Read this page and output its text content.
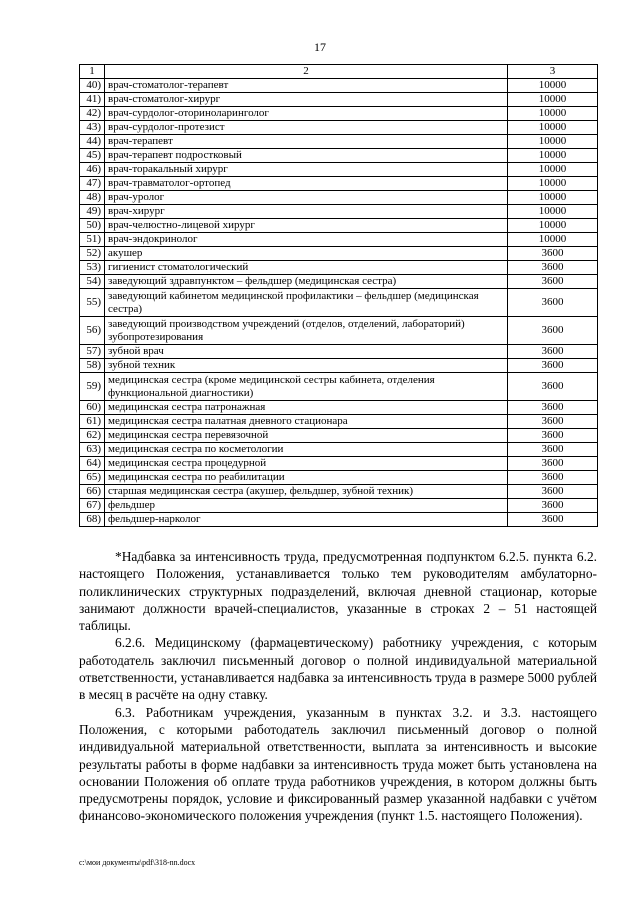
17
1	2	3
40)	врач-стоматолог-терапевт	10000
41)	врач-стоматолог-хирург	10000
42)	врач-сурдолог-оториноларинголог	10000
43)	врач-сурдолог-протезист	10000
44)	врач-терапевт	10000
45)	врач-терапевт подростковый	10000
46)	врач-торакальный хирург	10000
47)	врач-травматолог-ортопед	10000
48)	врач-уролог	10000
49)	врач-хирург	10000
50)	врач-челюстно-лицевой хирург	10000
51)	врач-эндокринолог	10000
52)	акушер	3600
53)	гигиенист стоматологический	3600
54)	заведующий здравпунктом – фельдшер (медицинская сестра)	3600
55)	заведующий кабинетом медицинской профилактики – фельдшер (медицинская сестра)	3600
56)	заведующий производством учреждений (отделов, отделений, лабораторий) зубопротезирования	3600
57)	зубной врач	3600
58)	зубной техник	3600
59)	медицинская сестра (кроме медицинской сестры кабинета, отделения функциональной диагностики)	3600
60)	медицинская сестра патронажная	3600
61)	медицинская сестра палатная дневного стационара	3600
62)	медицинская сестра перевязочной	3600
63)	медицинская сестра по косметологии	3600
64)	медицинская сестра процедурной	3600
65)	медицинская сестра по реабилитации	3600
66)	старшая медицинская сестра (акушер, фельдшер, зубной техник)	3600
67)	фельдшер	3600
68)	фельдшер-нарколог	3600

*Надбавка за интенсивность труда, предусмотренная подпунктом 6.2.5. пункта 6.2. настоящего Положения, устанавливается только тем руководителям амбулаторно-поликлинических структурных подразделений, включая дневной стационар, которые занимают должности врачей-специалистов, указанные в строках 2 – 51 настоящей таблицы.

6.2.6. Медицинскому (фармацевтическому) работнику учреждения, с которым работодатель заключил письменный договор о полной индивидуальной материальной ответственности, устанавливается надбавка за интенсивность труда в размере 5000 рублей в месяц в расчёте на одну ставку.

6.3. Работникам учреждения, указанным в пунктах 3.2. и 3.3. настоящего Положения, с которыми работодатель заключил письменный договор о полной индивидуальной материальной ответственности, выплата за интенсивность и высокие результаты работы в форме надбавки за интенсивность труда может быть установлена на основании Положения об оплате труда работников учреждения, в котором должны быть предусмотрены порядок, условие и фиксированный размер указанной надбавки с учётом финансово-экономического положения учреждения (пункт 1.5. настоящего Положения).

c:\мои документы\pdf\318-nn.docx
